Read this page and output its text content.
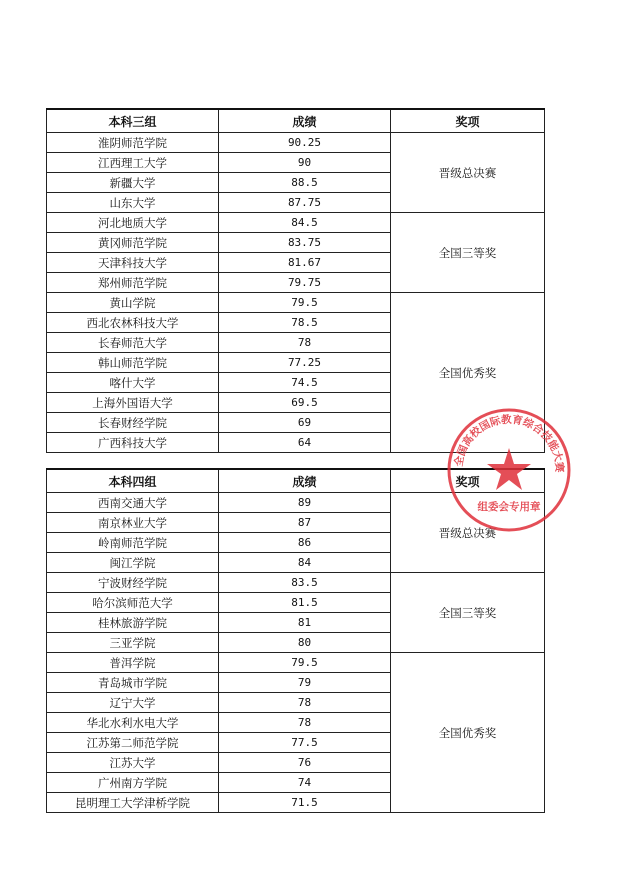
本科三组	成绩	奖项
淮阴师范学院	90.25	晋级总决赛
江西理工大学	90	
新疆大学	88.5	
山东大学	87.75	
河北地质大学	84.5	全国三等奖
黄冈师范学院	83.75	
天津科技大学	81.67	
郑州师范学院	79.75	
黄山学院	79.5	全国优秀奖
西北农林科技大学	78.5	
长春师范大学	78	
韩山师范学院	77.25	
喀什大学	74.5	
上海外国语大学	69.5	
长春财经学院	69	
广西科技大学	64	
本科四组	成绩	奖项
西南交通大学	89	晋级总决赛
南京林业大学	87	
岭南师范学院	86	
闽江学院	84	
宁波财经学院	83.5	全国三等奖
哈尔滨师范大学	81.5	
桂林旅游学院	81	
三亚学院	80	
普洱学院	79.5	全国优秀奖
青岛城市学院	79	
辽宁大学	78	
华北水利水电大学	78	
江苏第二师范学院	77.5	
江苏大学	76	
广州南方学院	74	
昆明理工大学津桥学院	71.5	
全国高校国际教育综合技能大赛
组委会专用章
